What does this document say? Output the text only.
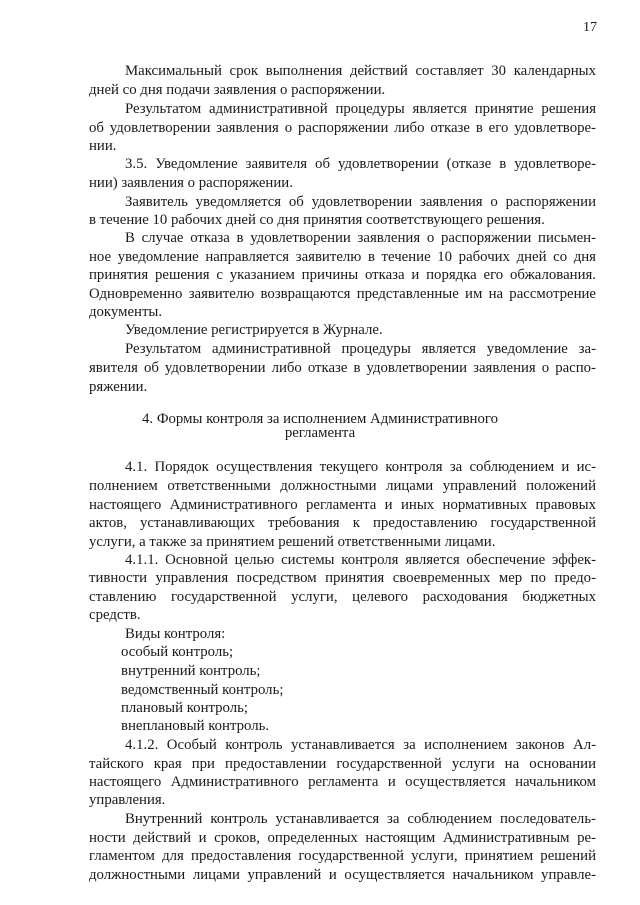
17
Максимальный срок выполнения действий составляет 30 календарных
дней со дня подачи заявления о распоряжении.
Результатом административной процедуры является принятие решения
об удовлетворении заявления о распоряжении либо отказе в его удовлетворе-
нии.
3.5. Уведомление заявителя об удовлетворении (отказе в удовлетворе-
нии) заявления о распоряжении.
Заявитель уведомляется об удовлетворении заявления о распоряжении
в течение 10 рабочих дней со дня принятия соответствующего решения.
В случае отказа в удовлетворении заявления о распоряжении письмен-
ное уведомление направляется заявителю в течение 10 рабочих дней со дня
принятия решения с указанием причины отказа и порядка его обжалования.
Одновременно заявителю возвращаются представленные им на рассмотрение
документы.
Уведомление регистрируется в Журнале.
Результатом административной процедуры является уведомление за-
явителя об удовлетворении либо отказе в удовлетворении заявления о распо-
ряжении.
4. Формы контроля за исполнением Административного
регламента
4.1. Порядок осуществления текущего контроля за соблюдением и ис-
полнением ответственными должностными лицами управлений положений
настоящего Административного регламента и иных нормативных правовых
актов, устанавливающих требования к предоставлению государственной
услуги, а также за принятием решений ответственными лицами.
4.1.1. Основной целью системы контроля является обеспечение эффек-
тивности управления посредством принятия своевременных мер по предо-
ставлению государственной услуги, целевого расходования бюджетных
средств.
Виды контроля:
особый контроль;
внутренний контроль;
ведомственный контроль;
плановый контроль;
внеплановый контроль.
4.1.2. Особый контроль устанавливается за исполнением законов Ал-
тайского края при предоставлении государственной услуги на основании
настоящего Административного регламента и осуществляется начальником
управления.
Внутренний контроль устанавливается за соблюдением последователь-
ности действий и сроков, определенных настоящим Административным ре-
гламентом для предоставления государственной услуги, принятием решений
должностными лицами управлений и осуществляется начальником управле-
